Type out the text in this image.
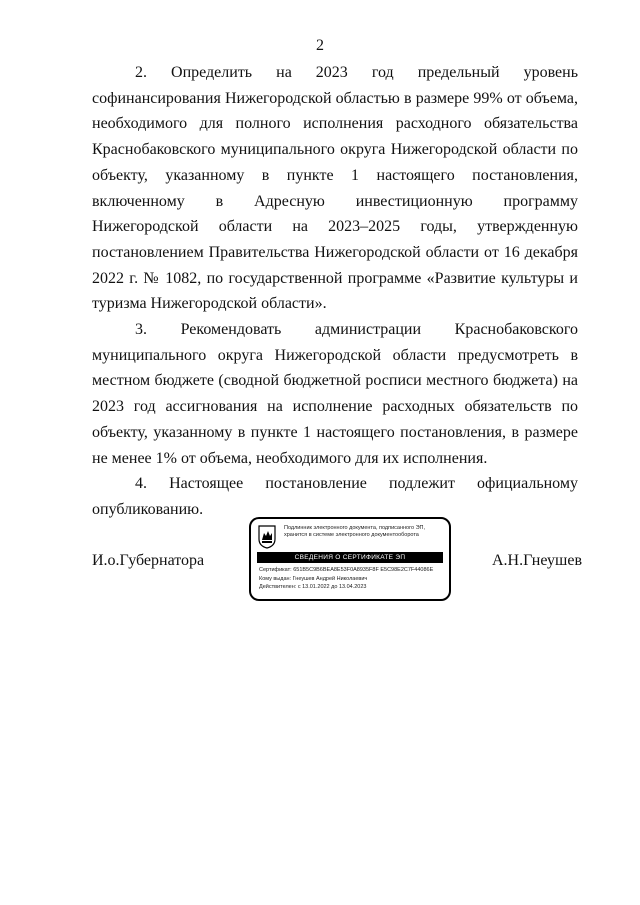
2

2. Определить на 2023 год предельный уровень софинансирования Нижегородской областью в размере 99% от объема, необходимого для полного исполнения расходного обязательства Краснобаковского муниципального округа Нижегородской области по объекту, указанному в пункте 1 настоящего постановления, включенному в Адресную инвестиционную программу Нижегородской области на 2023–2025 годы, утвержденную постановлением Правительства Нижегородской области от 16 декабря 2022 г. № 1082, по государственной программе «Развитие культуры и туризма Нижегородской области».

3. Рекомендовать администрации Краснобаковского муниципального округа Нижегородской области предусмотреть в местном бюджете (сводной бюджетной росписи местного бюджета) на 2023 год ассигнования на исполнение расходных обязательств по объекту, указанному в пункте 1 настоящего постановления, в размере не менее 1% от объема, необходимого для их исполнения.

4. Настоящее постановление подлежит официальному опубликованию.

И.о.Губернатора
Подлинник электронного документа, подписанного ЭП, хранится в системе электронного документооборота
СВЕДЕНИЯ О СЕРТИФИКАТЕ ЭП
Сертификат: 651B5C9B6BEA8E53F0A8935F8F E5C98E2C7F44086E
Кому выдан: Гнеушев Андрей Николаевич
Действителен: с 13.01.2022 до 13.04.2023
А.Н.Гнеушев
